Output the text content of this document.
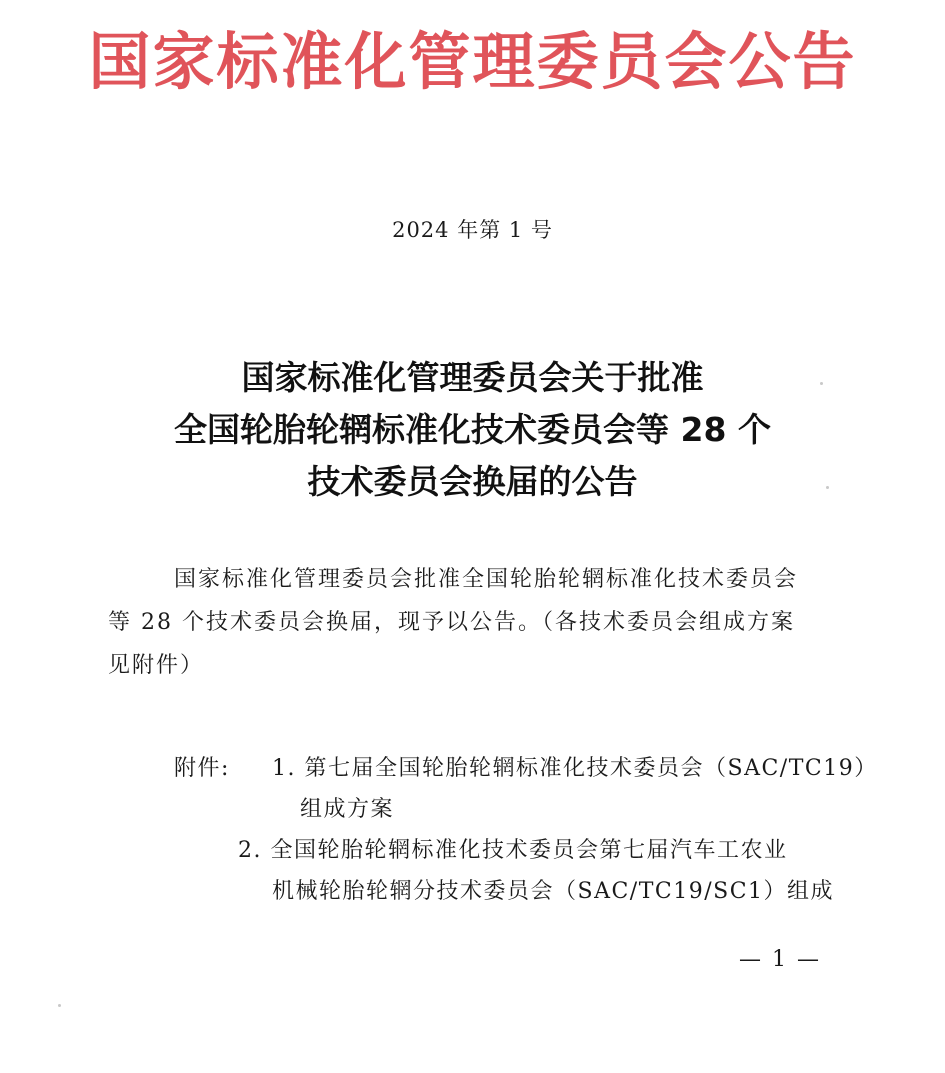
国家标准化管理委员会公告
2024 年第 1 号
国家标准化管理委员会关于批准
全国轮胎轮辋标准化技术委员会等 28 个
技术委员会换届的公告
国家标准化管理委员会批准全国轮胎轮辋标准化技术委员会
等 28 个技术委员会换届，现予以公告。（各技术委员会组成方案
见附件）
附件:	1. 第七届全国轮胎轮辋标准化技术委员会（SAC/TC19）
组成方案
2. 全国轮胎轮辋标准化技术委员会第七届汽车工农业
机械轮胎轮辋分技术委员会（SAC/TC19/SC1）组成
— 1 —
